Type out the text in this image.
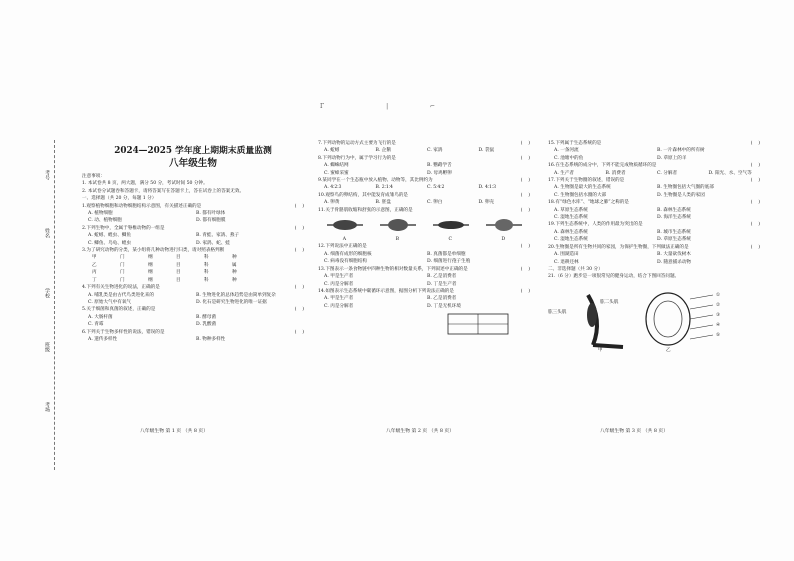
Γ	|	⌐
考号
姓名
学校
班级
考场
2024—2025 学年度上期期末质量监测
八年级生物
注意事项：
1. 本试卷共 8 页，两大题，满分 50 分，考试时间 50 分钟。
2. 本试卷分试题卷和答题卡，请将答案写在答题卡上，答在试卷上的答案无效。
一、选择题（共 20 分，每题 1 分）
1.观察植物细胞和动物细胞结构示意图，有关描述正确的是	(    )
A. 植物细胞	B. 都有叶绿体
C. 动、植物细胞	D. 都有细胞膜
2.下列生物中，全属于脊椎动物的一组是	(    )
A. 蚯蚓、蝗虫、鲫鱼	B. 青蛙、家鸽、燕子
C. 鲫鱼、乌龟、蝗虫	D. 家鸽、蛇、蛙
3.为了研究动物的分类，某小组将几种动物进行归类，请对照表格判断	(    )
甲	门	纲	目	科	种
乙	门	纲	目	科	属
丙	门	纲	目	科	种
丁	门	纲	目	科	种
4.下列有关生物进化的说法，正确的是	(    )
A. 哺乳类是由古代鸟类进化来的	B. 生物进化的总体趋势是由简单到复杂
C. 原始大气中有氧气	D. 化石是研究生物进化的唯一证据
5.关于细菌和真菌的叙述，正确的是	(    )
A. 大肠杆菌	B. 酵母菌
C. 青霉	D. 乳酸菌
6.下列关于生物多样性的说法，错误的是	(    )
A. 遗传多样性	B. 物种多样性
7.下列动物的运动方式主要为飞行的是	(    )
A. 蚯蚓	B. 企鹅	C. 家鸽	D. 袋鼠
8.下列动物行为中，属于学习行为的是	(    )
A. 蜘蛛结网	B. 鹦鹉学舌
C. 蜜蜂采蜜	D. 母鸡孵卵
9.某同学在一个生态瓶中放入植物、动物等，其比例约为	(    )
A. 4∶2∶3	B. 2∶1∶4	C. 5∶4∶2	D. 4∶1∶3
10.观察鸟的卵结构，其中能发育成雏鸟的是	(    )
A. 卵黄	B. 胚盘	C. 卵白	D. 卵壳
11.关于骨骼肌收缩和舒张的示意图，正确的是	(    )
A	B	C	D
12.下列说法中正确的是	(    )
A. 细菌有成形的细胞核	B. 真菌都是单细胞
C. 病毒没有细胞结构	D. 细菌进行孢子生殖
13.下图表示一条食物链中四种生物的相对数量关系，下列叙述中正确的是	(    )
A. 甲是生产者	B. 乙是消费者
C. 丙是分解者	D. 丁是生产者
14.如图表示生态系统中碳循环示意图，据图分析下列说法正确的是	(    )
A. 甲是生产者	B. 乙是消费者
C. 丙是分解者	D. 丁是无机环境
15.下列属于生态系统的是	(    )
A. 一条河流	B. 一片森林中的所有树
C. 池塘中的鱼	D. 草原上的羊
16.在生态系统的成分中，下列不能完成物质循环的是	(    )
A. 生产者	B. 消费者	C. 分解者	D. 阳光、水、空气等
17.下列关于生物圈的叙述，错误的是	(    )
A. 生物圈是最大的生态系统	B. 生物圈包括大气圈的底部
C. 生物圈包括水圈的大部	D. 生物圈是人类的家园
18.有“绿色水库”、“地球之肺”之称的是	(    )
A. 草原生态系统	B. 森林生态系统
C. 湿地生态系统	D. 海洋生态系统
19.下列生态系统中，人类的作用最为突出的是	(    )
A. 森林生态系统	B. 城市生态系统
C. 湿地生态系统	D. 草原生态系统
20.生物圈是所有生物共同的家园，为保护生物圈，下列做法正确的是	(    )
A. 围湖造田	B. 大量砍伐树木
C. 退耕还林	D. 随意捕杀动物
二、非选择题（共 30 分）
21.（6 分）跑步是一项很常见的健身运动，结合下图回答问题。
肱二头肌
肱三头肌
①
②
③
④
⑤
甲	乙
八年级生物 第 1 页 （共 8 页）	八年级生物 第 2 页 （共 8 页）	八年级生物 第 3 页 （共 8 页）
